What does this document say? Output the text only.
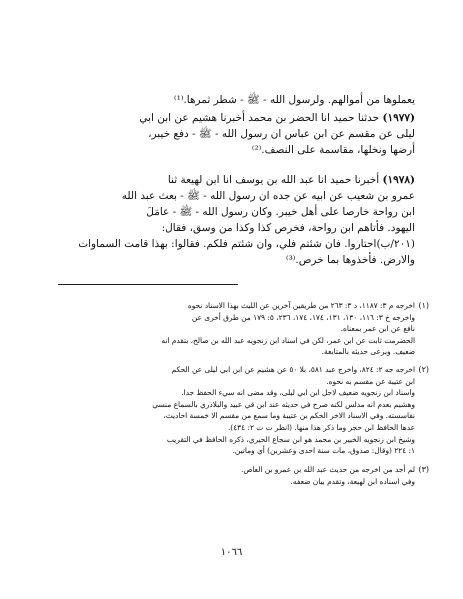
يعملوها من أموالهم. ولرسول الله - ﷺ - شطر ثمرها.⁽¹⁾
(١٩٧٧) حدثنا حميد انا الحضر بن محمد أخبرنا هشيم عن ابن ابي
ليلى عن مقسم عن ابن عباس ان رسول الله - ﷺ - دفع خيبر،
أرضها ونخلها، مقاسمة على النصف.⁽²⁾
(١٩٧٨) أخبرنا حميد انا عبد الله بن يوسف انا ابن لهيعة ثنا
عمرو بن شعيب عن ابيه عن جده ان رسول الله - ﷺ - بعث عبد الله
ابن رواحة خارصا على أهل خيبر. وكان رسول الله - ﷺ - عامَلَ
اليهود. فأتاهم ابن رواحة، فخرص كذا وكذا من وسق، فقال:
(٢٠١/ب)احتاروا. فان شئتم فلي، وان شئتم فلكم. فقالوا: بهذا قامت السماوات
والارض. فأخذوها بما خرص.⁽³⁾
(١)
اخرجه م ٣: ١١٨٧، د ٣: ٢٦٣ من طريقين آخرين عن الليث بهذا الاسناد نحوه
واخرجه خ ٣: ١١٦، ١٣٠، ١٣١، ١٧٤، ١٧٤، ٢٣٦، ٥: ١٧٩ من طرق أخرى عن
نافع عن ابن عمر بمعناه.
الحضرمت ثابت عن ابن عمر، لكن في اسناد ابن زنجويه عبد الله بن صالح، بتقدم انه
ضعيف. وبرعى حديثه بالمتابعة.
(٢)
اخرجه جه ٢: ٨٢٤، واخرج عبد ٥٨١، بلا ٥٠ عن هشيم عن ابن ابي ليلى عن الحكم
ابن عتيبة عن مقسم به نحوه.
واسناد ابن زنجويه ضعيف لاجل ابن ابي ليلى، وقد مضى انه سيء الحفظ جدا.
وهشيم بعدم انه مدلس لكنه صرح في حديثه عند ابن قي عبيد والبلاذري بالسماع منسي
نفاسسته. وفي الاسناد الاخر الحكم بن عتيبة وما سمع من مقسم الا خمسة احاديث،
عدها الحافظ ابن حجر وما ذكر هذا منها. (انظر ت ت ٢: ٤٣٤).
وشيخ ابن زنجويه الخبير بن محمد هو ابن سجاع الحيري، ذكره الحافظ في التقريب
١: ٢٢٤ (وقال: صدوق، مات سنة احدى وعشرين) أي وماتين.
(٣)
لم أجد من اخرجه من حديث عبد الله بن عمرو بن العاص.
وفي اسناده ابن لهيعة، وتقدم بيان ضعفه.
١٠٦٦
